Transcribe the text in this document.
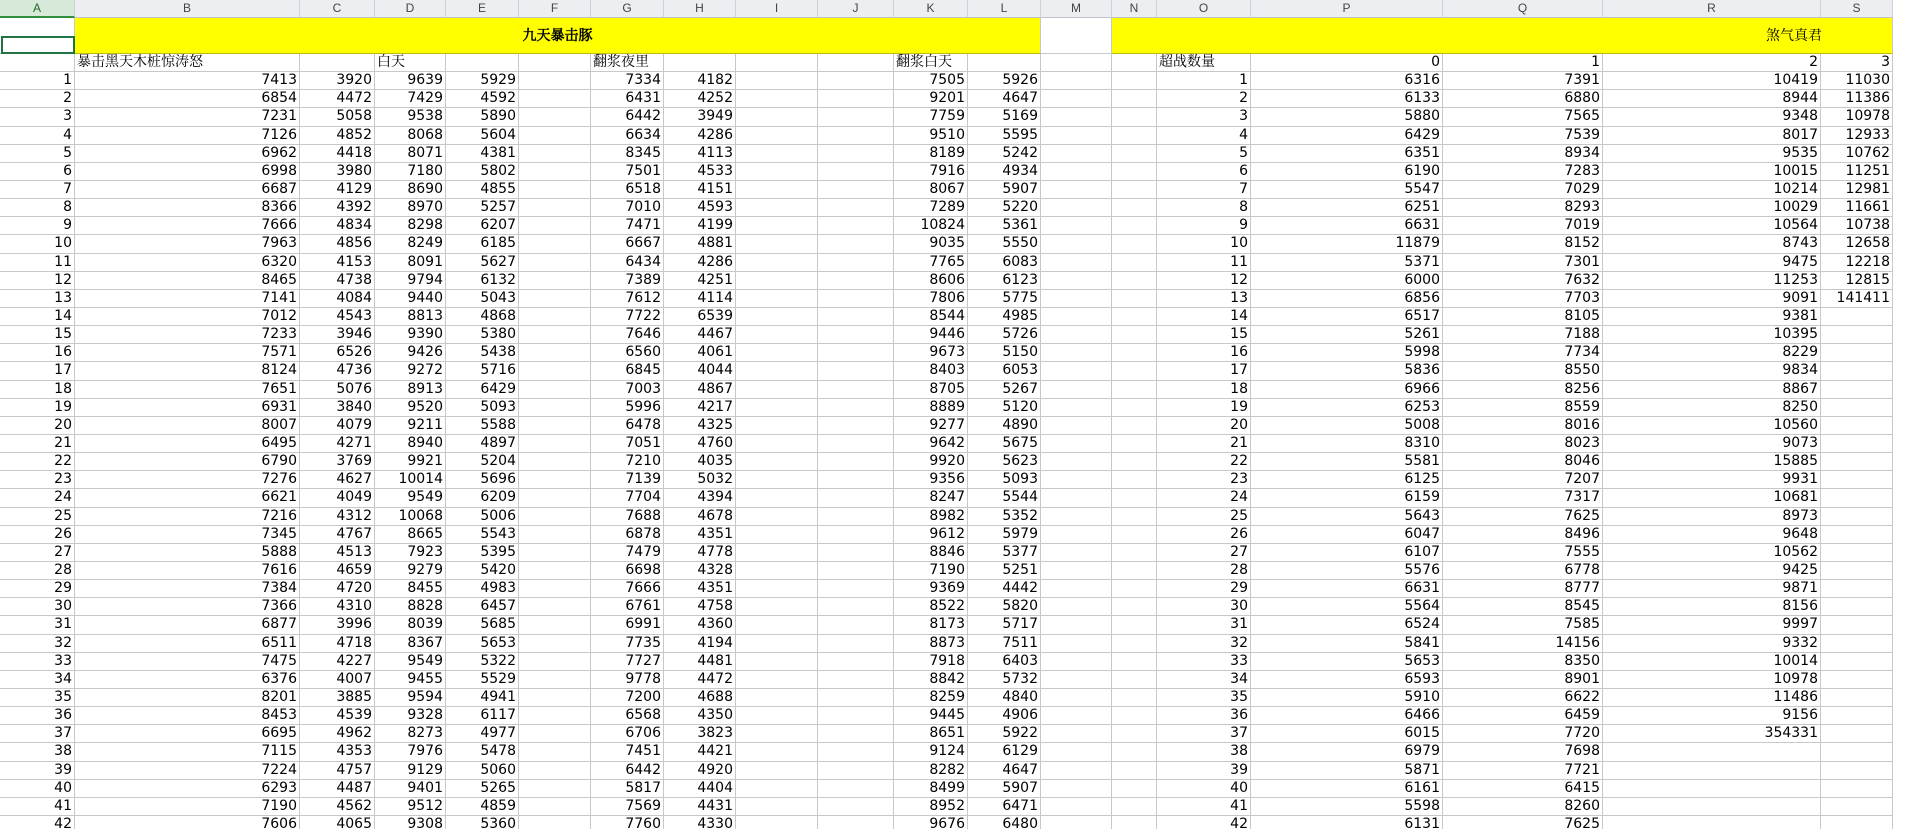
A	B	C	D	E	F	G	H	I	J	K	L	M	N	O	P	Q	R	S
九天暴击豚	煞气真君
暴击黑天木桩惊涛怒	白天	翻浆夜里	翻浆白天	超战数量	0	1	2	3
1	7413	3920	9639	5929	7334	4182	7505	5926	1	6316	7391	10419	11030
2	6854	4472	7429	4592	6431	4252	9201	4647	2	6133	6880	8944	11386
3	7231	5058	9538	5890	6442	3949	7759	5169	3	5880	7565	9348	10978
4	7126	4852	8068	5604	6634	4286	9510	5595	4	6429	7539	8017	12933
5	6962	4418	8071	4381	8345	4113	8189	5242	5	6351	8934	9535	10762
6	6998	3980	7180	5802	7501	4533	7916	4934	6	6190	7283	10015	11251
7	6687	4129	8690	4855	6518	4151	8067	5907	7	5547	7029	10214	12981
8	8366	4392	8970	5257	7010	4593	7289	5220	8	6251	8293	10029	11661
9	7666	4834	8298	6207	7471	4199	10824	5361	9	6631	7019	10564	10738
10	7963	4856	8249	6185	6667	4881	9035	5550	10	11879	8152	8743	12658
11	6320	4153	8091	5627	6434	4286	7765	6083	11	5371	7301	9475	12218
12	8465	4738	9794	6132	7389	4251	8606	6123	12	6000	7632	11253	12815
13	7141	4084	9440	5043	7612	4114	7806	5775	13	6856	7703	9091	141411
14	7012	4543	8813	4868	7722	6539	8544	4985	14	6517	8105	9381
15	7233	3946	9390	5380	7646	4467	9446	5726	15	5261	7188	10395
16	7571	6526	9426	5438	6560	4061	9673	5150	16	5998	7734	8229
17	8124	4736	9272	5716	6845	4044	8403	6053	17	5836	8550	9834
18	7651	5076	8913	6429	7003	4867	8705	5267	18	6966	8256	8867
19	6931	3840	9520	5093	5996	4217	8889	5120	19	6253	8559	8250
20	8007	4079	9211	5588	6478	4325	9277	4890	20	5008	8016	10560
21	6495	4271	8940	4897	7051	4760	9642	5675	21	8310	8023	9073
22	6790	3769	9921	5204	7210	4035	9920	5623	22	5581	8046	15885
23	7276	4627	10014	5696	7139	5032	9356	5093	23	6125	7207	9931
24	6621	4049	9549	6209	7704	4394	8247	5544	24	6159	7317	10681
25	7216	4312	10068	5006	7688	4678	8982	5352	25	5643	7625	8973
26	7345	4767	8665	5543	6878	4351	9612	5979	26	6047	8496	9648
27	5888	4513	7923	5395	7479	4778	8846	5377	27	6107	7555	10562
28	7616	4659	9279	5420	6698	4328	7190	5251	28	5576	6778	9425
29	7384	4720	8455	4983	7666	4351	9369	4442	29	6631	8777	9871
30	7366	4310	8828	6457	6761	4758	8522	5820	30	5564	8545	8156
31	6877	3996	8039	5685	6991	4360	8173	5717	31	6524	7585	9997
32	6511	4718	8367	5653	7735	4194	8873	7511	32	5841	14156	9332
33	7475	4227	9549	5322	7727	4481	7918	6403	33	5653	8350	10014
34	6376	4007	9455	5529	9778	4472	8842	5732	34	6593	8901	10978
35	8201	3885	9594	4941	7200	4688	8259	4840	35	5910	6622	11486
36	8453	4539	9328	6117	6568	4350	9445	4906	36	6466	6459	9156
37	6695	4962	8273	4977	6706	3823	8651	5922	37	6015	7720	354331
38	7115	4353	7976	5478	7451	4421	9124	6129	38	6979	7698
39	7224	4757	9129	5060	6442	4920	8282	4647	39	5871	7721
40	6293	4487	9401	5265	5817	4404	8499	5907	40	6161	6415
41	7190	4562	9512	4859	7569	4431	8952	6471	41	5598	8260
42	7606	4065	9308	5360	7760	4330	9676	6480	42	6131	7625
